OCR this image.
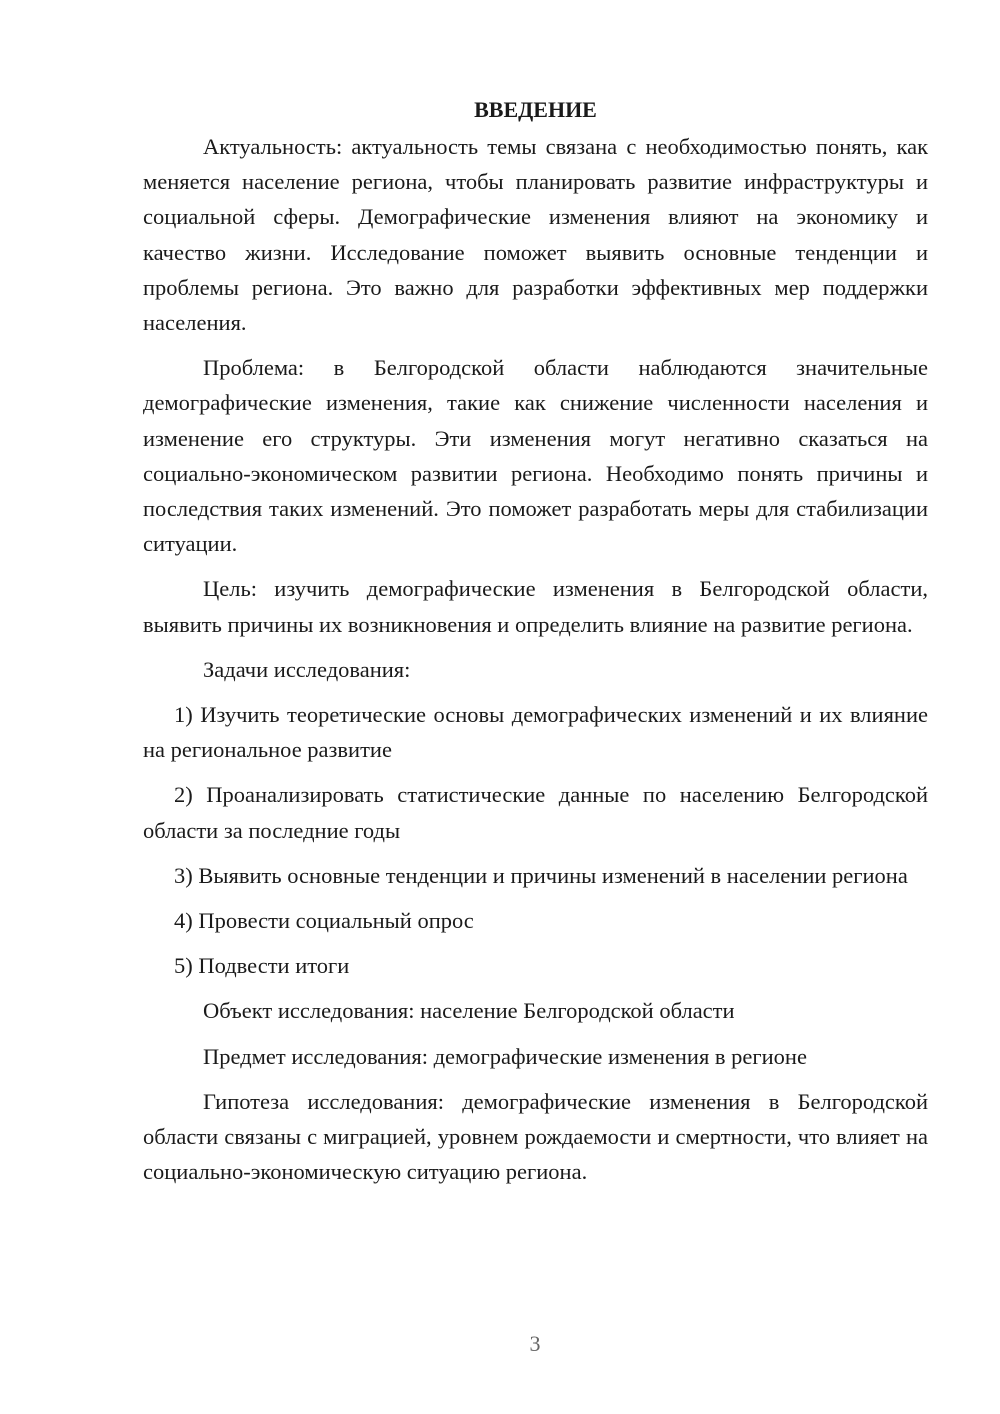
ВВЕДЕНИЕ

Актуальность: актуальность темы связана с необходимостью понять, как меняется население региона, чтобы планировать развитие инфраструктуры и социальной сферы. Демографические изменения влияют на экономику и качество жизни. Исследование поможет выявить основные тенденции и проблемы региона. Это важно для разработки эффективных мер поддержки населения.

Проблема: в Белгородской области наблюдаются значительные демографические изменения, такие как снижение численности населения и изменение его структуры. Эти изменения могут негативно сказаться на социально-экономическом развитии региона. Необходимо понять причины и последствия таких изменений. Это поможет разработать меры для стабилизации ситуации.

Цель: изучить демографические изменения в Белгородской области, выявить причины их возникновения и определить влияние на развитие региона.

Задачи исследования:

1) Изучить теоретические основы демографических изменений и их влияние на региональное развитие

2) Проанализировать статистические данные по населению Белгородской области за последние годы

3) Выявить основные тенденции и причины изменений в населении региона

4) Провести социальный опрос

5) Подвести итоги

Объект исследования: население Белгородской области

Предмет исследования: демографические изменения в регионе

Гипотеза исследования: демографические изменения в Белгородской области связаны с миграцией, уровнем рождаемости и смертности, что влияет на социально-экономическую ситуацию региона.

3
